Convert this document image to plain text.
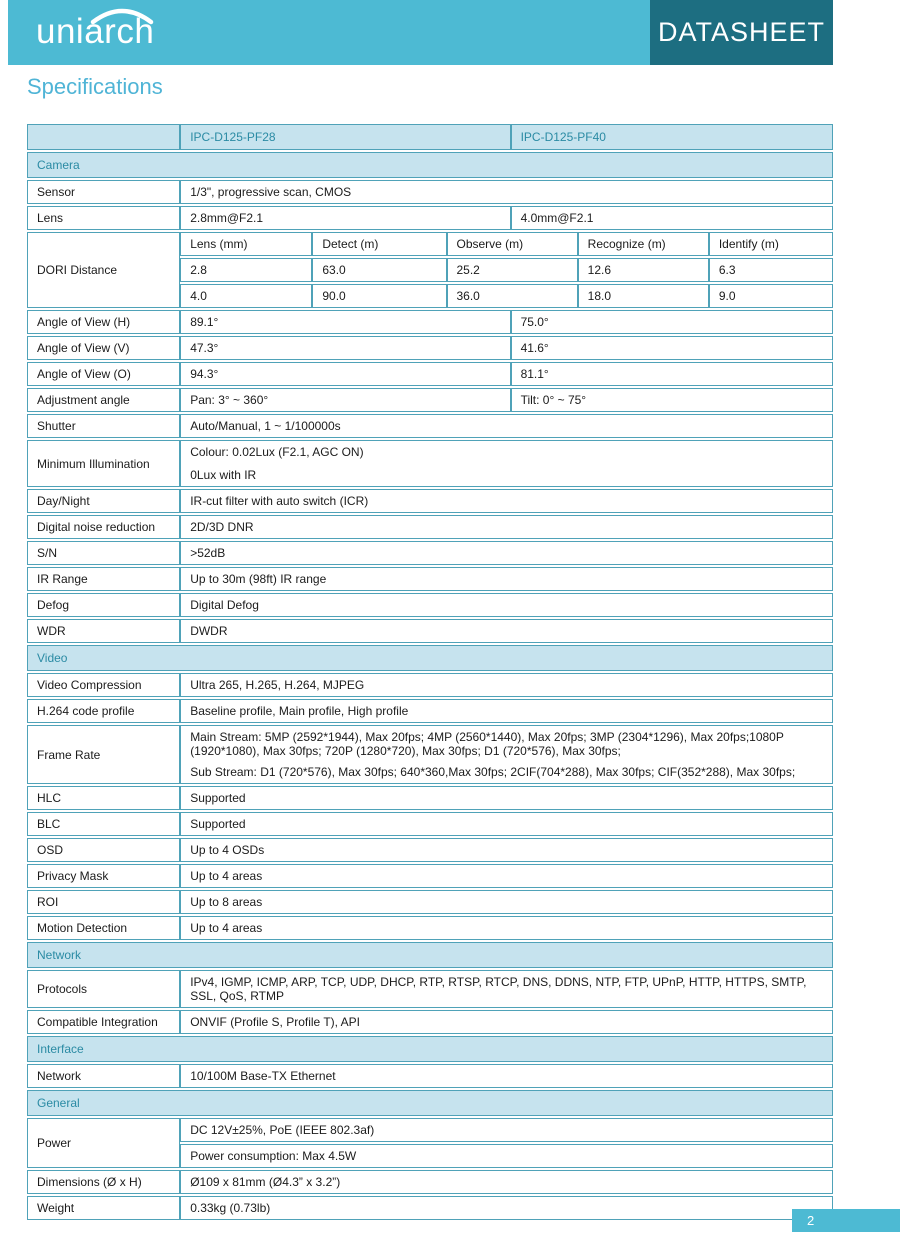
uniarch	DATASHEET
Specifications
	IPC-D125-PF28			IPC-D125-PF40		
Camera						
Sensor	1/3", progressive scan, CMOS					
Lens	2.8mm@F2.1			4.0mm@F2.1		
DORI Distance	Lens (mm)	Detect (m)	Observe (m)		Recognize (m)	Identify (m)
	2.8	63.0	25.2		12.6	6.3
	4.0	90.0	36.0		18.0	9.0
Angle of View (H)	89.1°			75.0°		
Angle of View (V)	47.3°			41.6°		
Angle of View (O)	94.3°			81.1°		
Adjustment angle	Pan: 3° ~ 360°			Tilt: 0° ~ 75°		
Shutter	Auto/Manual, 1 ~ 1/100000s					
Minimum Illumination	Colour: 0.02Lux (F2.1, AGC ON)
0Lux with IR					

Day/Night	IR-cut filter with auto switch (ICR)					
Digital noise reduction	2D/3D DNR					
S/N	>52dB					
IR Range	Up to 30m (98ft) IR range					
Defog	Digital Defog					
WDR	DWDR					
Video						
Video Compression	Ultra 265, H.265, H.264, MJPEG					
H.264 code profile	Baseline profile, Main profile, High profile					
Frame Rate	Main Stream: 5MP (2592*1944), Max 20fps; 4MP (2560*1440), Max 20fps; 3MP (2304*1296), Max 20fps;1080P (1920*1080), Max 30fps; 720P (1280*720), Max 30fps; D1 (720*576), Max 30fps;
Sub Stream: D1 (720*576), Max 30fps; 640*360,Max 30fps; 2CIF(704*288), Max 30fps; CIF(352*288), Max 30fps;					

HLC	Supported					
BLC	Supported					
OSD	Up to 4 OSDs					
Privacy Mask	Up to 4 areas					
ROI	Up to 8 areas					
Motion Detection	Up to 4 areas					
Network						
Protocols	IPv4, IGMP, ICMP, ARP, TCP, UDP, DHCP, RTP, RTSP, RTCP, DNS, DDNS, NTP, FTP, UPnP, HTTP, HTTPS, SMTP, SSL, QoS, RTMP					
Compatible Integration	ONVIF (Profile S, Profile T), API					
Interface						
Network	10/100M Base-TX Ethernet					
General						
Power	DC 12V±25%, PoE (IEEE 802.3af)					
	Power consumption: Max 4.5W					
Dimensions (Ø x H)	Ø109 x 81mm (Ø4.3” x 3.2”)					
Weight	0.33kg (0.73lb)					
2
